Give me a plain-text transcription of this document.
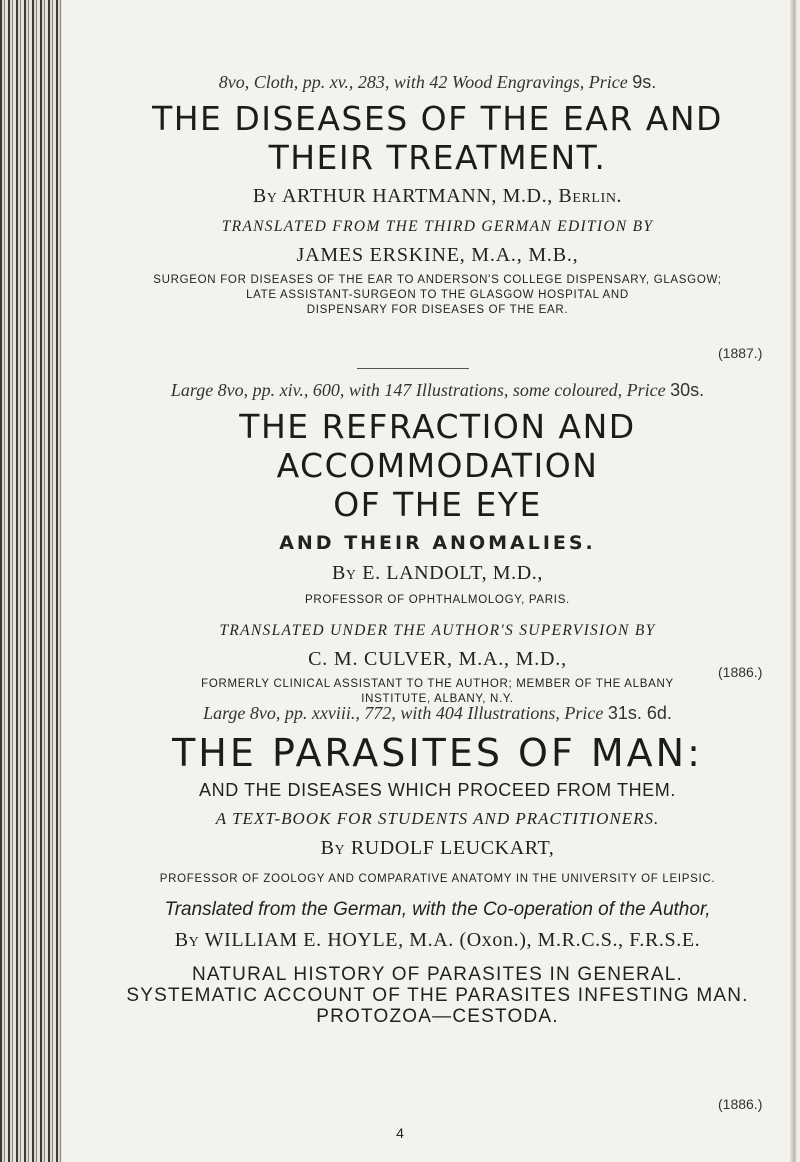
8vo, Cloth, pp. xv., 283, with 42 Wood Engravings, Price 9s.
THE DISEASES OF THE EAR AND
THEIR TREATMENT.
By ARTHUR HARTMANN, M.D., Berlin.
TRANSLATED FROM THE THIRD GERMAN EDITION BY
JAMES ERSKINE, M.A., M.B.,
SURGEON FOR DISEASES OF THE EAR TO ANDERSON'S COLLEGE DISPENSARY, GLASGOW;
LATE ASSISTANT-SURGEON TO THE GLASGOW HOSPITAL AND
DISPENSARY FOR DISEASES OF THE EAR.
(1887.)
Large 8vo, pp. xiv., 600, with 147 Illustrations, some coloured, Price 30s.
THE REFRACTION AND ACCOMMODATION
OF THE EYE
AND THEIR ANOMALIES.
By E. LANDOLT, M.D.,
PROFESSOR OF OPHTHALMOLOGY, PARIS.
TRANSLATED UNDER THE AUTHOR'S SUPERVISION BY
C. M. CULVER, M.A., M.D.,
FORMERLY CLINICAL ASSISTANT TO THE AUTHOR; MEMBER OF THE ALBANY
INSTITUTE, ALBANY, N.Y.
(1886.)
Large 8vo, pp. xxviii., 772, with 404 Illustrations, Price 31s. 6d.
THE PARASITES OF MAN:
AND THE DISEASES WHICH PROCEED FROM THEM.
A TEXT-BOOK FOR STUDENTS AND PRACTITIONERS.
By RUDOLF LEUCKART,
PROFESSOR OF ZOOLOGY AND COMPARATIVE ANATOMY IN THE UNIVERSITY OF LEIPSIC.
Translated from the German, with the Co-operation of the Author,
By WILLIAM E. HOYLE, M.A. (Oxon.), M.R.C.S., F.R.S.E.
NATURAL HISTORY OF PARASITES IN GENERAL.
SYSTEMATIC ACCOUNT OF THE PARASITES INFESTING MAN.
PROTOZOA—CESTODA.
(1886.)
4
